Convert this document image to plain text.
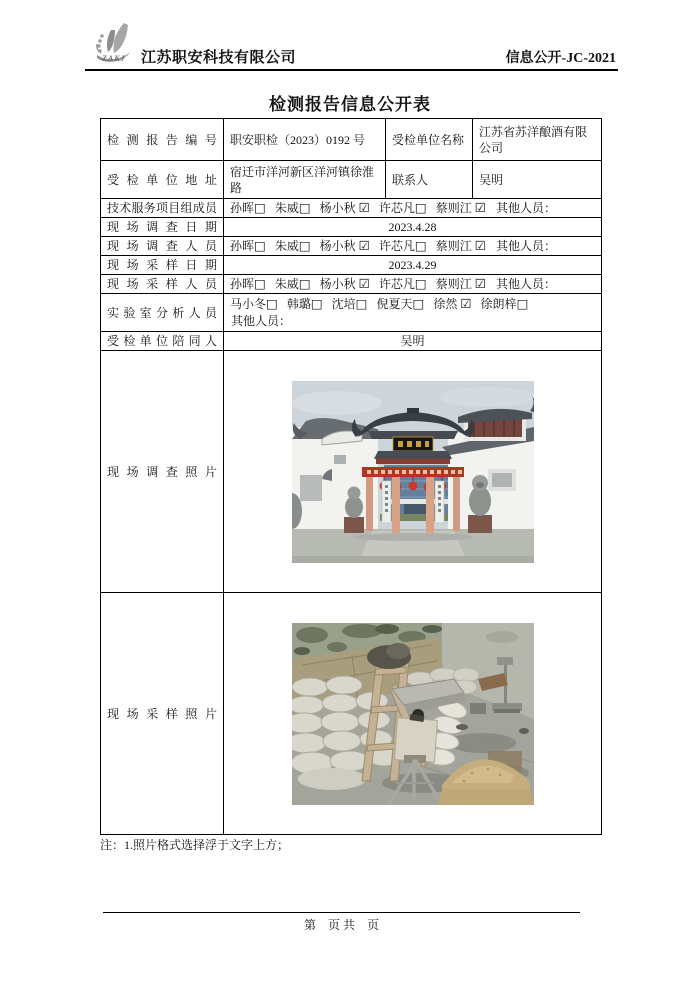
ZAKJ 江苏职安科技有限公司	信息公开-JC-2021
检测报告信息公开表
检测报告编号	职安职检（2023）0192 号	受检单位名称	江苏省苏洋酿酒有限公司
受检单位地址	宿迁市洋河新区洋河镇徐淮路	联系人	吴明
技术服务项目组成员	孙晖□ 朱威□ 杨小秋 ☑ 许芯凡□ 蔡则江 ☑ 其他人员：		
现场调查日期	2023.4.28		
现场调查人员	孙晖□ 朱威□ 杨小秋 ☑ 许芯凡□ 蔡则江 ☑ 其他人员：		
现场采样日期	2023.4.29		
现场采样人员	孙晖□ 朱威□ 杨小秋 ☑ 许芯凡□ 蔡则江 ☑ 其他人员：		
实验室分析人员	马小冬□ 韩璐□ 沈培□ 倪夏天□ 徐然 ☑ 徐朗梓□
其他人员：		
受检单位陪同人	吴明		
现场调查照片	

现场采样照片	
注：1.照片格式选择浮于文字上方；
第　页 共　页
